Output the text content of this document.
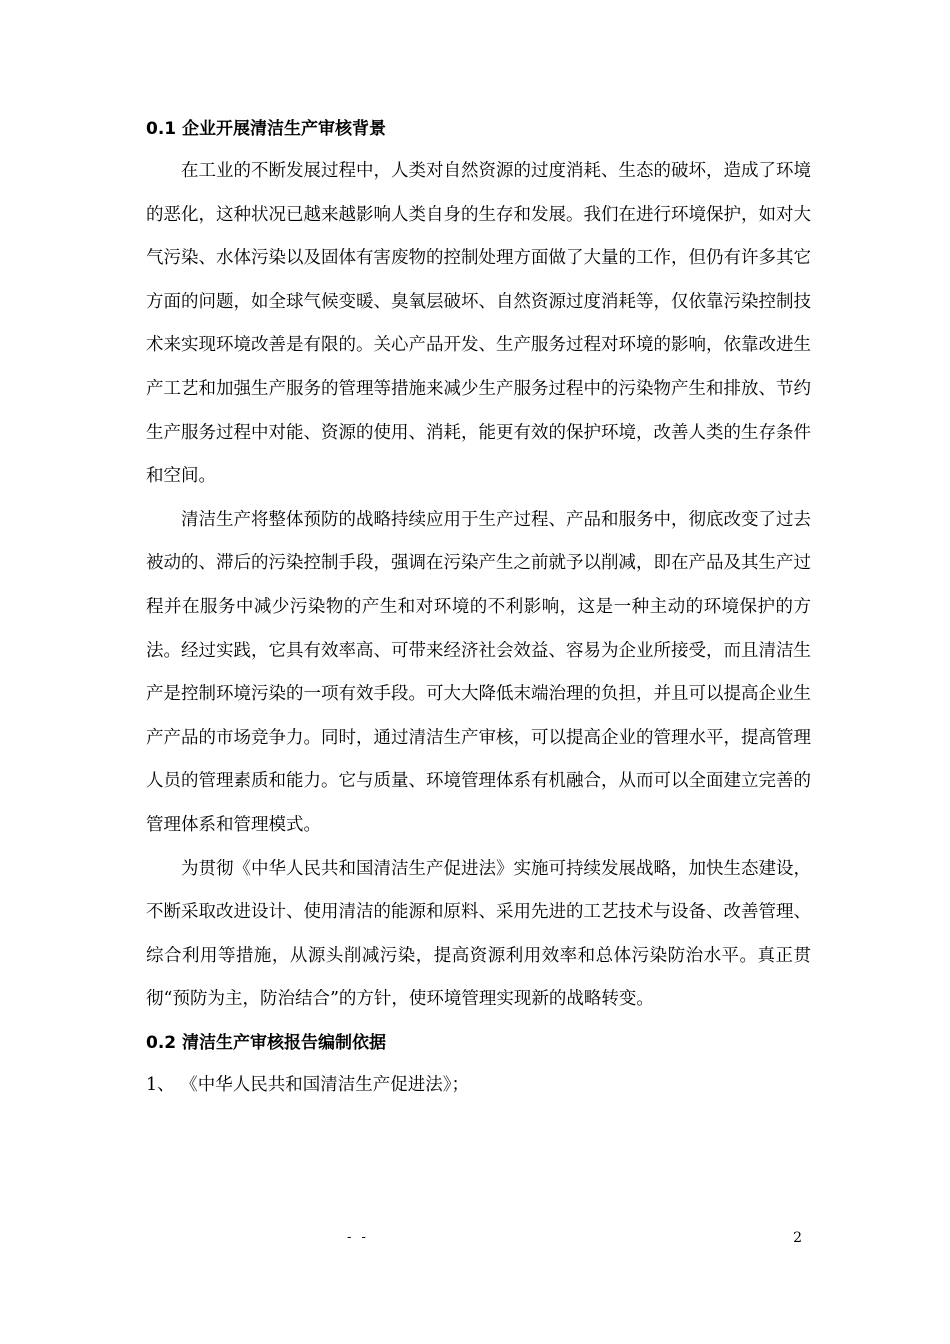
0.1 企业开展清洁生产审核背景

在工业的不断发展过程中，人类对自然资源的过度消耗、生态的破坏，造成了环境的恶化，这种状况已越来越影响人类自身的生存和发展。我们在进行环境保护，如对大气污染、水体污染以及固体有害废物的控制处理方面做了大量的工作，但仍有许多其它方面的问题，如全球气候变暖、臭氧层破坏、自然资源过度消耗等，仅依靠污染控制技术来实现环境改善是有限的。关心产品开发、生产服务过程对环境的影响，依靠改进生产工艺和加强生产服务的管理等措施来减少生产服务过程中的污染物产生和排放、节约生产服务过程中对能、资源的使用、消耗，能更有效的保护环境，改善人类的生存条件和空间。

清洁生产将整体预防的战略持续应用于生产过程、产品和服务中，彻底改变了过去被动的、滞后的污染控制手段，强调在污染产生之前就予以削减，即在产品及其生产过程并在服务中减少污染物的产生和对环境的不利影响，这是一种主动的环境保护的方法。经过实践，它具有效率高、可带来经济社会效益、容易为企业所接受，而且清洁生产是控制环境污染的一项有效手段。可大大降低末端治理的负担，并且可以提高企业生产产品的市场竞争力。同时，通过清洁生产审核，可以提高企业的管理水平，提高管理人员的管理素质和能力。它与质量、环境管理体系有机融合，从而可以全面建立完善的管理体系和管理模式。

为贯彻《中华人民共和国清洁生产促进法》实施可持续发展战略，加快生态建设，不断采取改进设计、使用清洁的能源和原料、采用先进的工艺技术与设备、改善管理、综合利用等措施，从源头削减污染，提高资源利用效率和总体污染防治水平。真正贯彻“预防为主，防治结合”的方针，使环境管理实现新的战略转变。

0.2 清洁生产审核报告编制依据

1、 《中华人民共和国清洁生产促进法》；

- -	2
